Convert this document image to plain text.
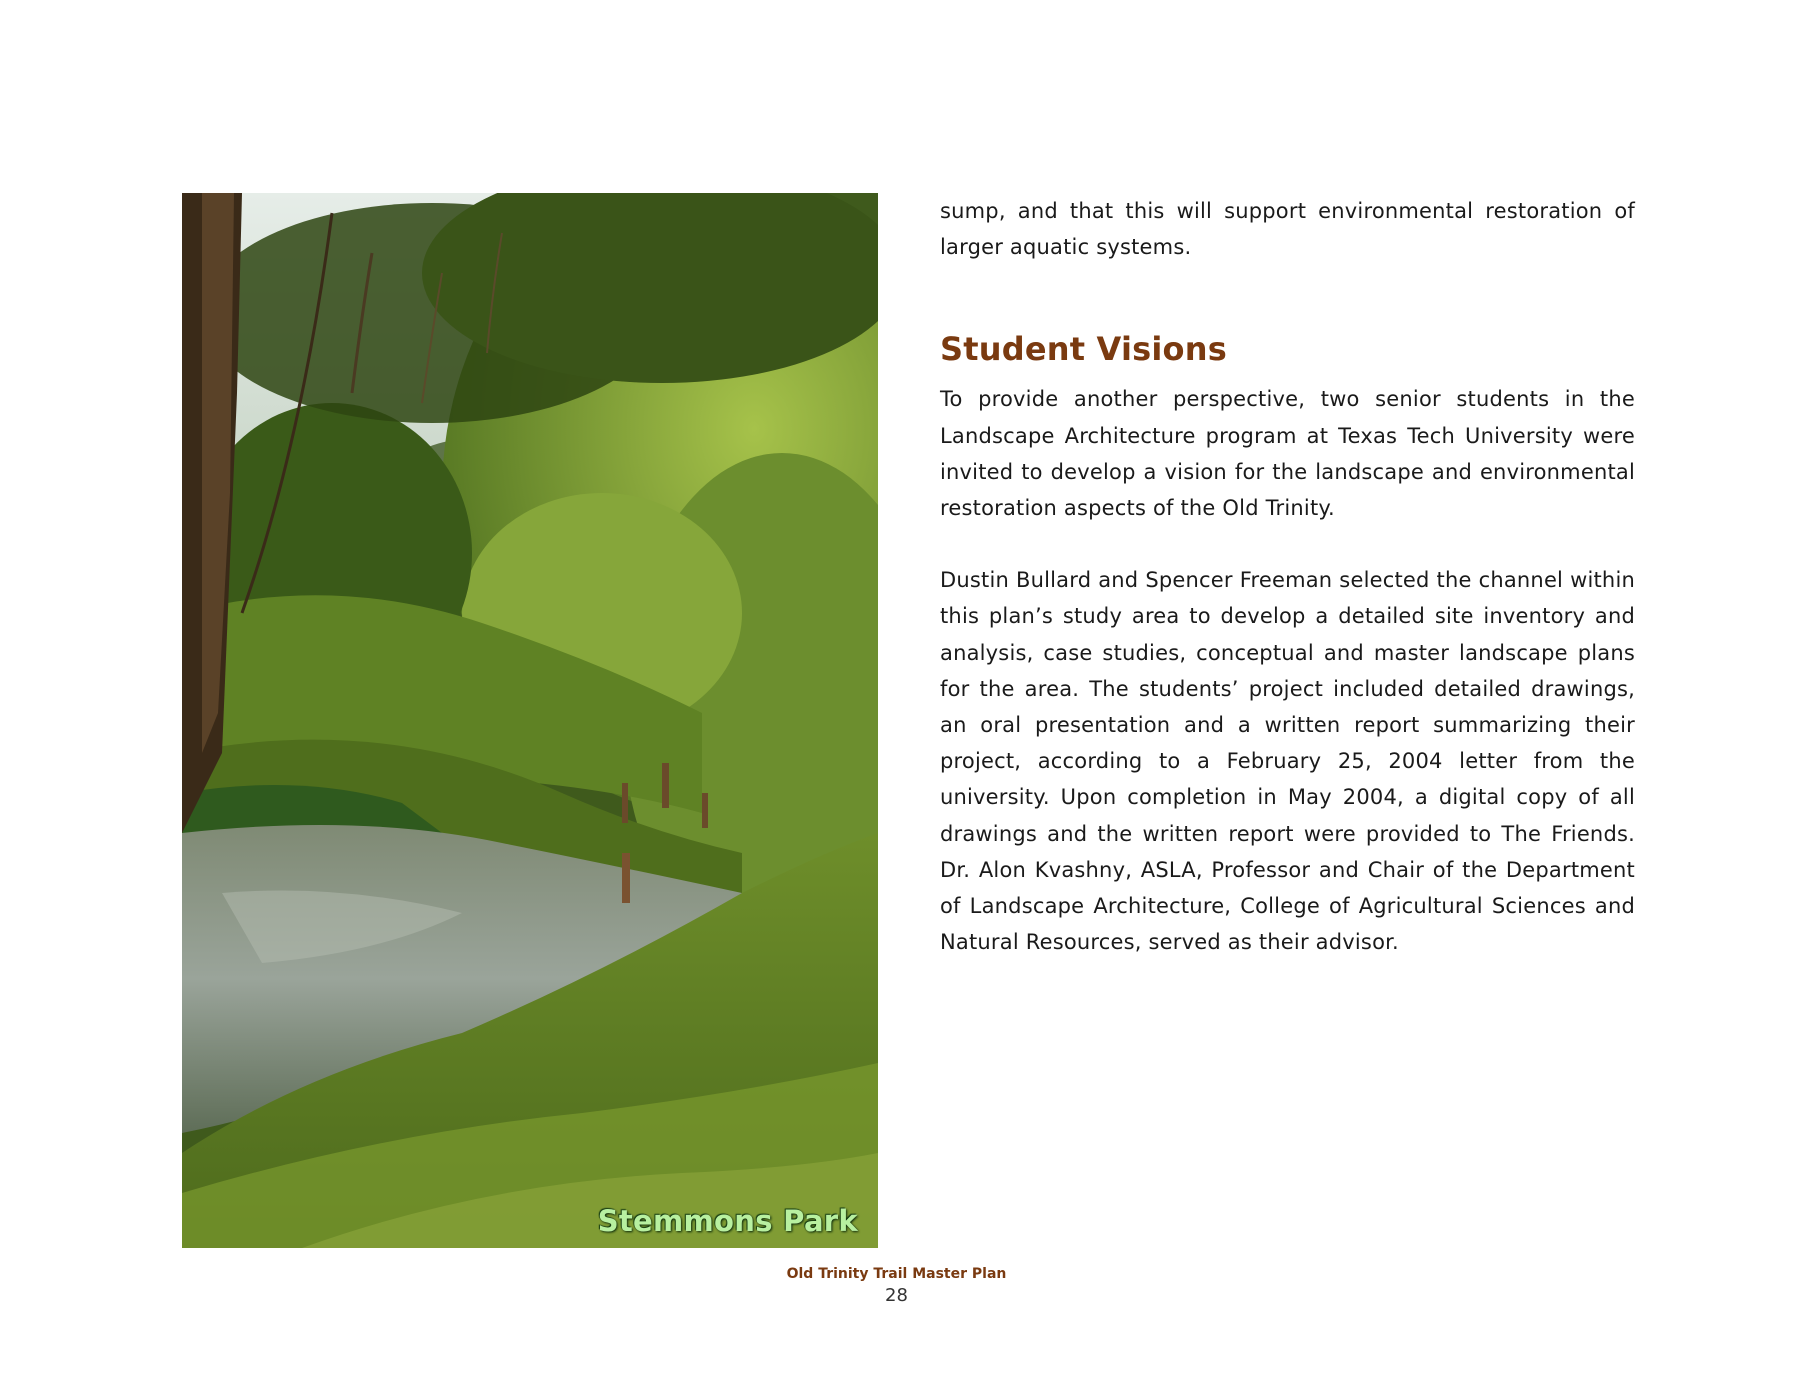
Stemmons Park

sump, and that this will support environmental restoration of larger aquatic systems.

Student Visions

To provide another perspective, two senior students in the Landscape Architecture program at Texas Tech University were invited to develop a vision for the landscape and environmental restoration aspects of the Old Trinity.

Dustin Bullard and Spencer Freeman selected the channel within this plan’s study area to develop a detailed site inventory and analysis, case studies, conceptual and master landscape plans for the area. The students’ project included detailed drawings, an oral presentation and a written report summarizing their project, according to a February 25, 2004 letter from the university. Upon completion in May 2004, a digital copy of all drawings and the written report were provided to The Friends. Dr. Alon Kvashny, ASLA, Professor and Chair of the Department of Landscape Architecture, College of Agricultural Sciences and Natural Resources, served as their advisor.

Old Trinity Trail Master Plan
28
